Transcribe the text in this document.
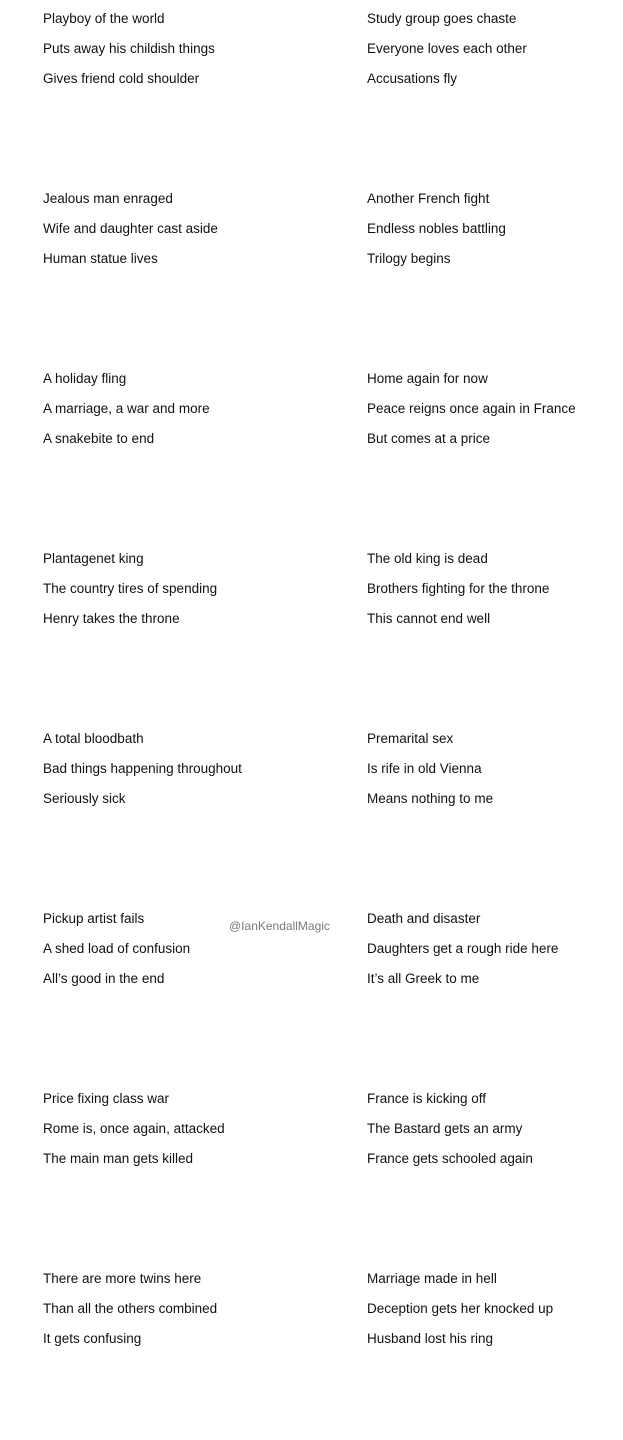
Playboy of the world
Puts away his childish things
Gives friend cold shoulder
Jealous man enraged
Wife and daughter cast aside
Human statue lives
A holiday fling
A marriage, a war and more
A snakebite to end
Plantagenet king
The country tires of spending
Henry takes the throne
A total bloodbath
Bad things happening throughout
Seriously sick
Pickup artist fails
A shed load of confusion
All’s good in the end
Price fixing class war
Rome is, once again, attacked
The main man gets killed
There are more twins here
Than all the others combined
It gets confusing
Study group goes chaste
Everyone loves each other
Accusations fly
Another French fight
Endless nobles battling
Trilogy begins
Home again for now
Peace reigns once again in France
But comes at a price
The old king is dead
Brothers fighting for the throne
This cannot end well
Premarital sex
Is rife in old Vienna
Means nothing to me
Death and disaster
Daughters get a rough ride here
It’s all Greek to me
France is kicking off
The Bastard gets an army
France gets schooled again
Marriage made in hell
Deception gets her knocked up
Husband lost his ring
@IanKendallMagic
